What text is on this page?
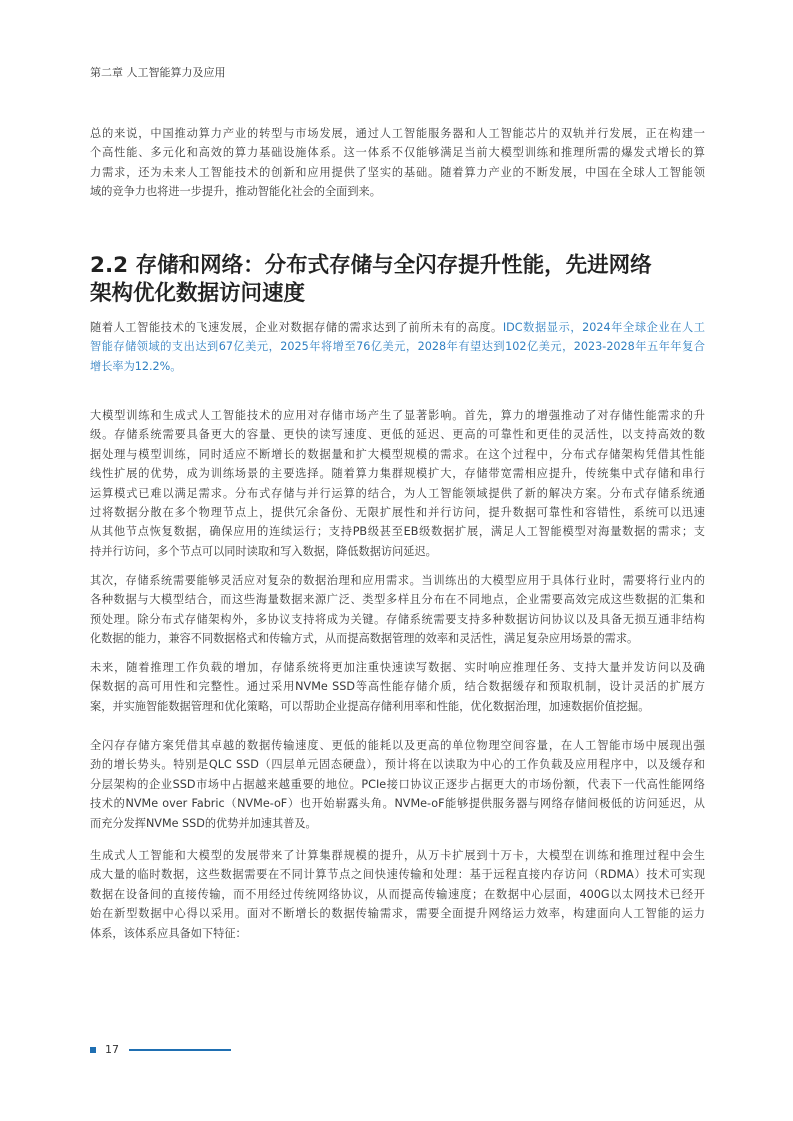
第二章 人工智能算力及应用
总的来说，中国推动算力产业的转型与市场发展，通过人工智能服务器和人工智能芯片的双轨并行发展，正在构建一
个高性能、多元化和高效的算力基础设施体系。这一体系不仅能够满足当前大模型训练和推理所需的爆发式增长的算
力需求，还为未来人工智能技术的创新和应用提供了坚实的基础。随着算力产业的不断发展，中国在全球人工智能领
域的竞争力也将进一步提升，推动智能化社会的全面到来。
2.2 存储和网络：分布式存储与全闪存提升性能，先进网络
架构优化数据访问速度
随着人工智能技术的飞速发展，企业对数据存储的需求达到了前所未有的高度。IDC数据显示，2024年全球企业在人工
智能存储领域的支出达到67亿美元，2025年将增至76亿美元，2028年有望达到102亿美元，2023-2028年五年年复合
增长率为12.2%。
大模型训练和生成式人工智能技术的应用对存储市场产生了显著影响。首先，算力的增强推动了对存储性能需求的升
级。存储系统需要具备更大的容量、更快的读写速度、更低的延迟、更高的可靠性和更佳的灵活性，以支持高效的数
据处理与模型训练，同时适应不断增长的数据量和扩大模型规模的需求。在这个过程中，分布式存储架构凭借其性能
线性扩展的优势，成为训练场景的主要选择。随着算力集群规模扩大，存储带宽需相应提升，传统集中式存储和串行
运算模式已难以满足需求。分布式存储与并行运算的结合，为人工智能领域提供了新的解决方案。分布式存储系统通
过将数据分散在多个物理节点上，提供冗余备份、无限扩展性和并行访问，提升数据可靠性和容错性，系统可以迅速
从其他节点恢复数据，确保应用的连续运行；支持PB级甚至EB级数据扩展，满足人工智能模型对海量数据的需求；支
持并行访问，多个节点可以同时读取和写入数据，降低数据访问延迟。
其次，存储系统需要能够灵活应对复杂的数据治理和应用需求。当训练出的大模型应用于具体行业时，需要将行业内的
各种数据与大模型结合，而这些海量数据来源广泛、类型多样且分布在不同地点，企业需要高效完成这些数据的汇集和
预处理。除分布式存储架构外，多协议支持将成为关键。存储系统需要支持多种数据访问协议以及具备无损互通非结构
化数据的能力，兼容不同数据格式和传输方式，从而提高数据管理的效率和灵活性，满足复杂应用场景的需求。
未来，随着推理工作负载的增加，存储系统将更加注重快速读写数据、实时响应推理任务、支持大量并发访问以及确
保数据的高可用性和完整性。通过采用NVMe SSD等高性能存储介质，结合数据缓存和预取机制，设计灵活的扩展方
案，并实施智能数据管理和优化策略，可以帮助企业提高存储利用率和性能，优化数据治理，加速数据价值挖掘。
全闪存存储方案凭借其卓越的数据传输速度、更低的能耗以及更高的单位物理空间容量，在人工智能市场中展现出强
劲的增长势头。特别是QLC SSD（四层单元固态硬盘），预计将在以读取为中心的工作负载及应用程序中，以及缓存和
分层架构的企业SSD市场中占据越来越重要的地位。PCIe接口协议正逐步占据更大的市场份额，代表下一代高性能网络
技术的NVMe over Fabric（NVMe-oF）也开始崭露头角。NVMe-oF能够提供服务器与网络存储间极低的访问延迟，从
而充分发挥NVMe SSD的优势并加速其普及。
生成式人工智能和大模型的发展带来了计算集群规模的提升，从万卡扩展到十万卡，大模型在训练和推理过程中会生
成大量的临时数据，这些数据需要在不同计算节点之间快速传输和处理：基于远程直接内存访问（RDMA）技术可实现
数据在设备间的直接传输，而不用经过传统网络协议，从而提高传输速度；在数据中心层面，400G以太网技术已经开
始在新型数据中心得以采用。面对不断增长的数据传输需求，需要全面提升网络运力效率，构建面向人工智能的运力
体系，该体系应具备如下特征：
17
